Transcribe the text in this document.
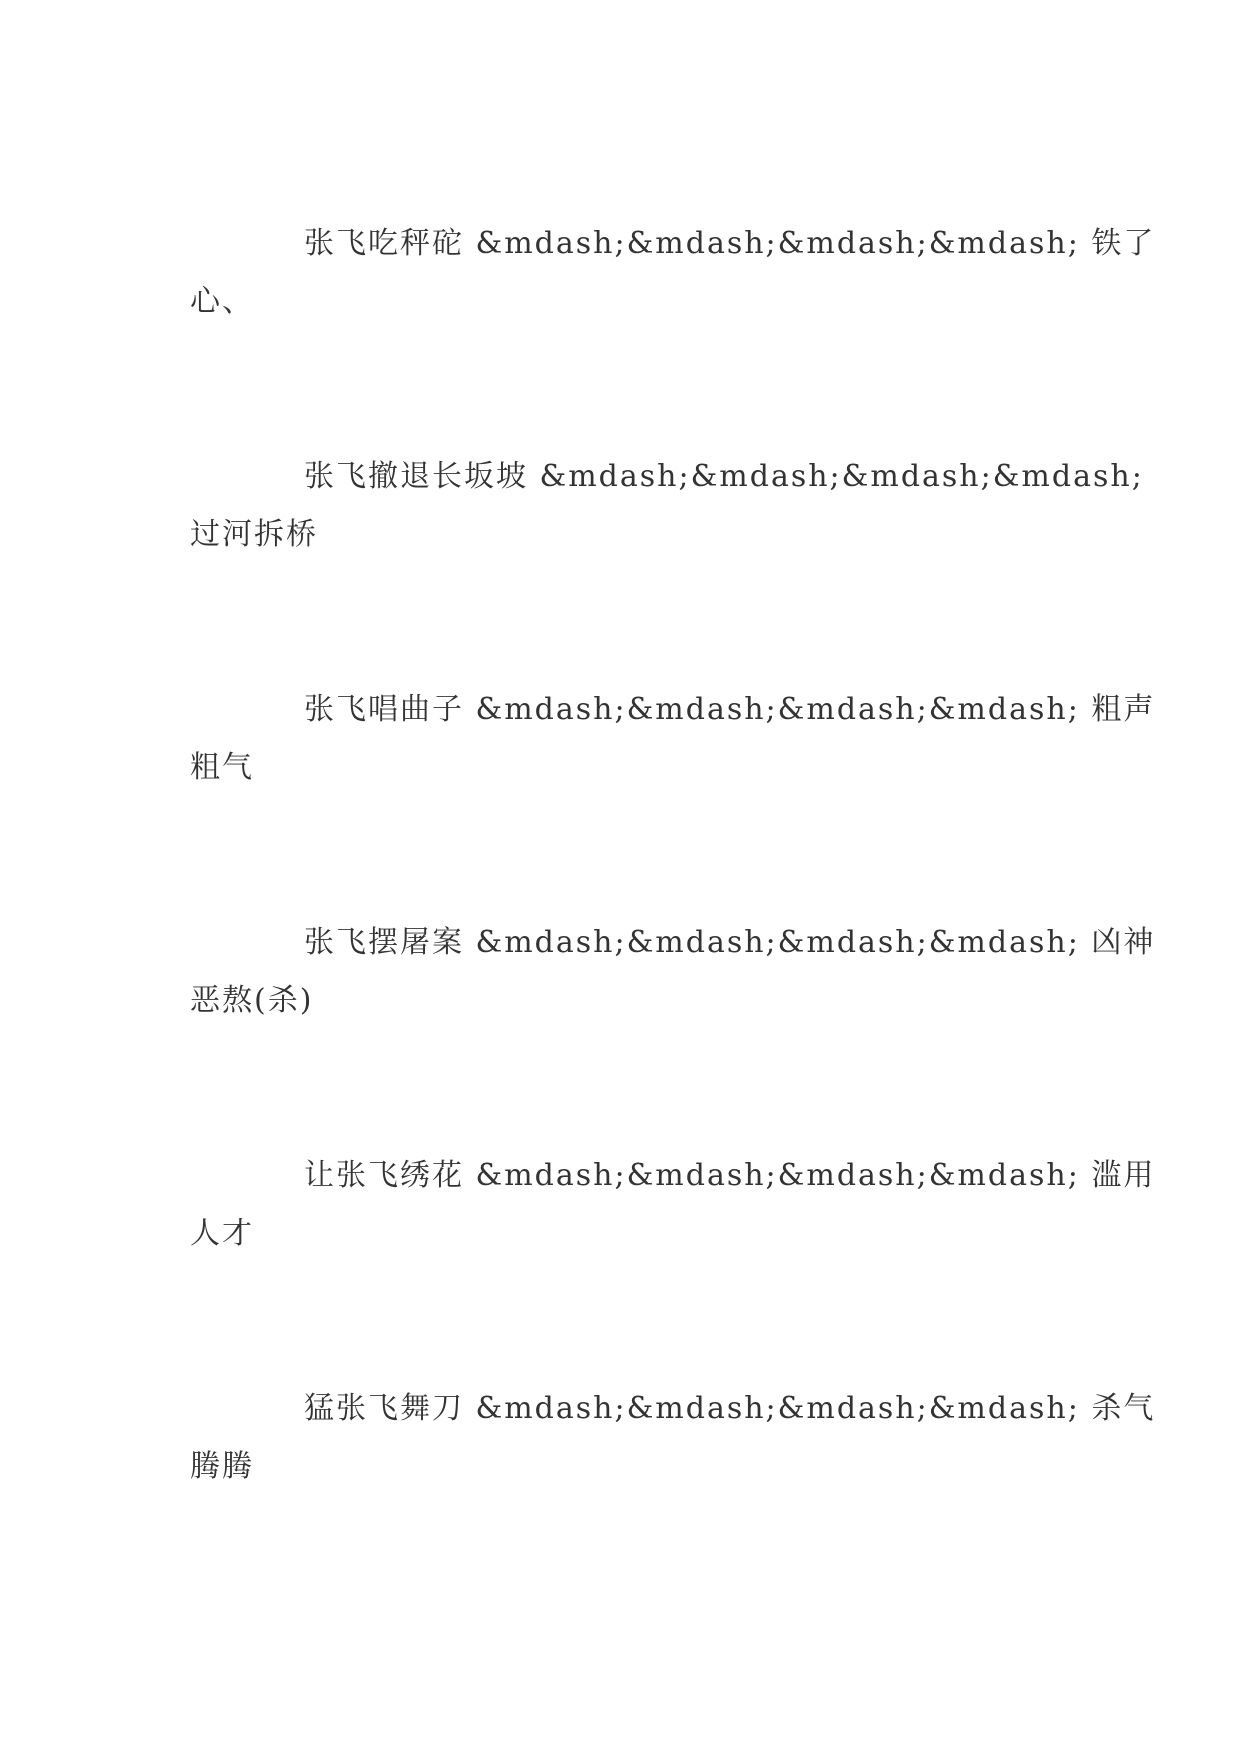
张飞吃秤砣 &mdash;&mdash;&mdash;&mdash; 铁了
心、
张飞撤退长坂坡 &mdash;&mdash;&mdash;&mdash;
过河拆桥
张飞唱曲子 &mdash;&mdash;&mdash;&mdash; 粗声
粗气
张飞摆屠案 &mdash;&mdash;&mdash;&mdash; 凶神
恶熬(杀)
让张飞绣花 &mdash;&mdash;&mdash;&mdash; 滥用
人才
猛张飞舞刀 &mdash;&mdash;&mdash;&mdash; 杀气
腾腾
